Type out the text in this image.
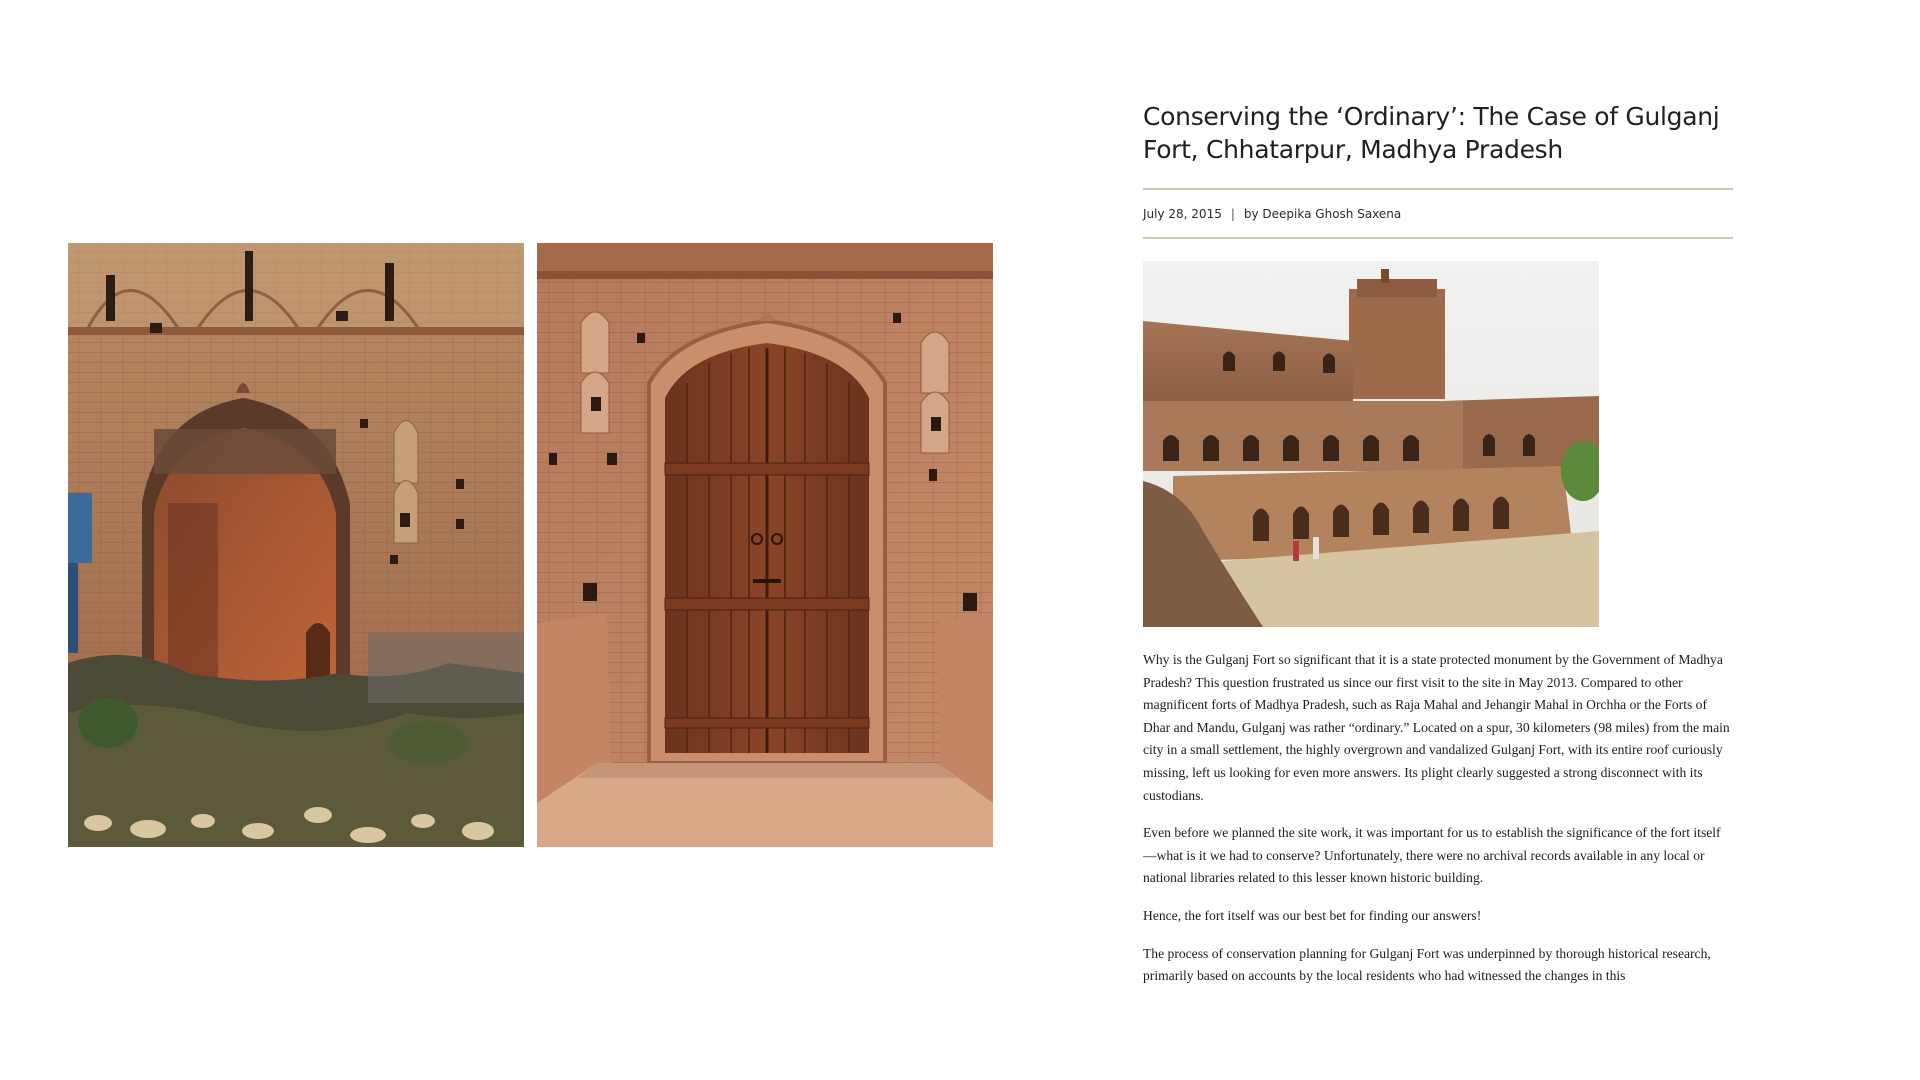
Conserving the ‘Ordinary’: The Case of Gulganj Fort, Chhatarpur, Madhya Pradesh
July 28, 2015 | by Deepika Ghosh Saxena

Why is the Gulganj Fort so significant that it is a state protected monument by the Government of Madhya Pradesh? This question frustrated us since our first visit to the site in May 2013. Compared to other magnificent forts of Madhya Pradesh, such as Raja Mahal and Jehangir Mahal in Orchha or the Forts of Dhar and Mandu, Gulganj was rather “ordinary.” Located on a spur, 30 kilometers (98 miles) from the main city in a small settlement, the highly overgrown and vandalized Gulganj Fort, with its entire roof curiously missing, left us looking for even more answers. Its plight clearly suggested a strong disconnect with its custodians.

Even before we planned the site work, it was important for us to establish the significance of the fort itself —what is it we had to conserve? Unfortunately, there were no archival records available in any local or national libraries related to this lesser known historic building.

Hence, the fort itself was our best bet for finding our answers!

The process of conservation planning for Gulganj Fort was underpinned by thorough historical research, primarily based on accounts by the local residents who had witnessed the changes in this
